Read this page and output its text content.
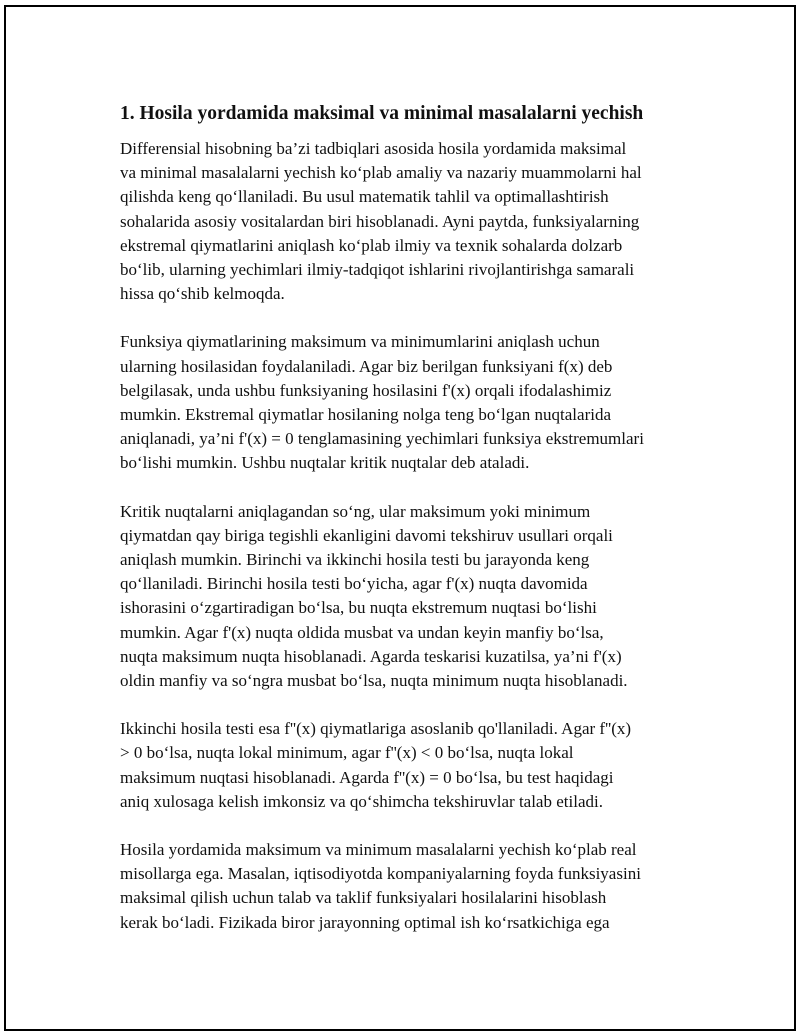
1. Hosila yordamida maksimal va minimal masalalarni yechish

Differensial hisobning ba’zi tadbiqlari asosida hosila yordamida maksimal
va minimal masalalarni yechish ko‘plab amaliy va nazariy muammolarni hal
qilishda keng qo‘llaniladi. Bu usul matematik tahlil va optimallashtirish
sohalarida asosiy vositalardan biri hisoblanadi. Ayni paytda, funksiyalarning
ekstremal qiymatlarini aniqlash ko‘plab ilmiy va texnik sohalarda dolzarb
bo‘lib, ularning yechimlari ilmiy-tadqiqot ishlarini rivojlantirishga samarali
hissa qo‘shib kelmoqda.

Funksiya qiymatlarining maksimum va minimumlarini aniqlash uchun
ularning hosilasidan foydalaniladi. Agar biz berilgan funksiyani f(x) deb
belgilasak, unda ushbu funksiyaning hosilasini f'(x) orqali ifodalashimiz
mumkin. Ekstremal qiymatlar hosilaning nolga teng bo‘lgan nuqtalarida
aniqlanadi, ya’ni f'(x) = 0 tenglamasining yechimlari funksiya ekstremumlari
bo‘lishi mumkin. Ushbu nuqtalar kritik nuqtalar deb ataladi.

Kritik nuqtalarni aniqlagandan so‘ng, ular maksimum yoki minimum
qiymatdan qay biriga tegishli ekanligini davomi tekshiruv usullari orqali
aniqlash mumkin. Birinchi va ikkinchi hosila testi bu jarayonda keng
qo‘llaniladi. Birinchi hosila testi bo‘yicha, agar f'(x) nuqta davomida
ishorasini o‘zgartiradigan bo‘lsa, bu nuqta ekstremum nuqtasi bo‘lishi
mumkin. Agar f'(x) nuqta oldida musbat va undan keyin manfiy bo‘lsa,
nuqta maksimum nuqta hisoblanadi. Agarda teskarisi kuzatilsa, ya’ni f'(x)
oldin manfiy va so‘ngra musbat bo‘lsa, nuqta minimum nuqta hisoblanadi.

Ikkinchi hosila testi esa f''(x) qiymatlariga asoslanib qo'llaniladi. Agar f''(x)
> 0 bo‘lsa, nuqta lokal minimum, agar f''(x) < 0 bo‘lsa, nuqta lokal
maksimum nuqtasi hisoblanadi. Agarda f''(x) = 0 bo‘lsa, bu test haqidagi
aniq xulosaga kelish imkonsiz va qo‘shimcha tekshiruvlar talab etiladi.

Hosila yordamida maksimum va minimum masalalarni yechish ko‘plab real
misollarga ega. Masalan, iqtisodiyotda kompaniyalarning foyda funksiyasini
maksimal qilish uchun talab va taklif funksiyalari hosilalarini hisoblash
kerak bo‘ladi. Fizikada biror jarayonning optimal ish ko‘rsatkichiga ega
